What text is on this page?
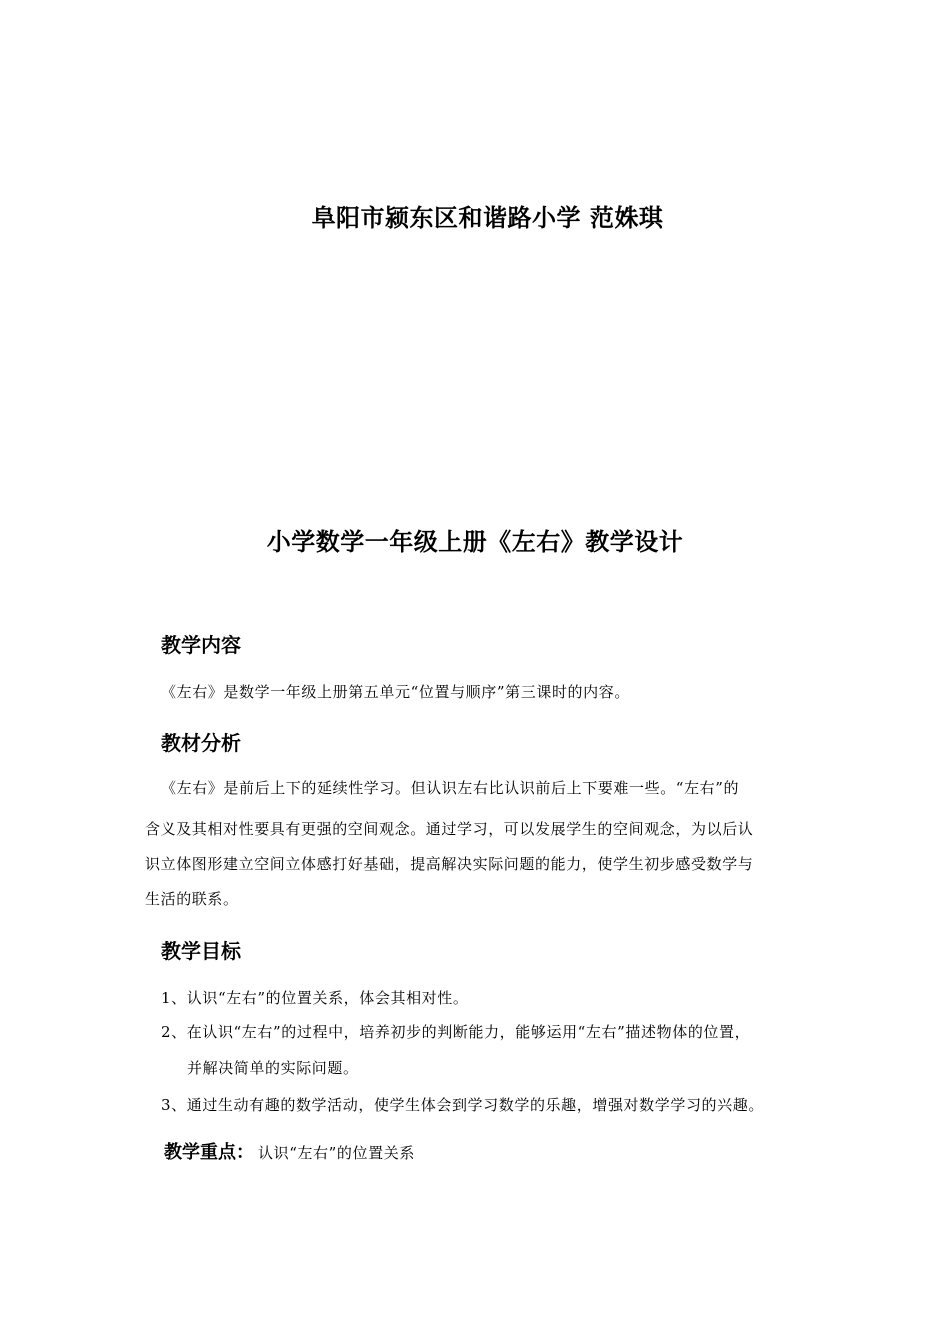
阜阳市颍东区和谐路小学 范姝琪
小学数学一年级上册《左右》教学设计
教学内容
《左右》是数学一年级上册第五单元“位置与顺序”第三课时的内容。
教材分析
《左右》是前后上下的延续性学习。但认识左右比认识前后上下要难一些。“左右”的
含义及其相对性要具有更强的空间观念。通过学习，可以发展学生的空间观念，为以后认
识立体图形建立空间立体感打好基础，提高解决实际问题的能力，使学生初步感受数学与
生活的联系。
教学目标
1、认识“左右”的位置关系，体会其相对性。
2、在认识“左右”的过程中，培养初步的判断能力，能够运用“左右”描述物体的位置，
并解决简单的实际问题。
3、通过生动有趣的数学活动，使学生体会到学习数学的乐趣，增强对数学学习的兴趣。
教学重点： 认识“左右”的位置关系
